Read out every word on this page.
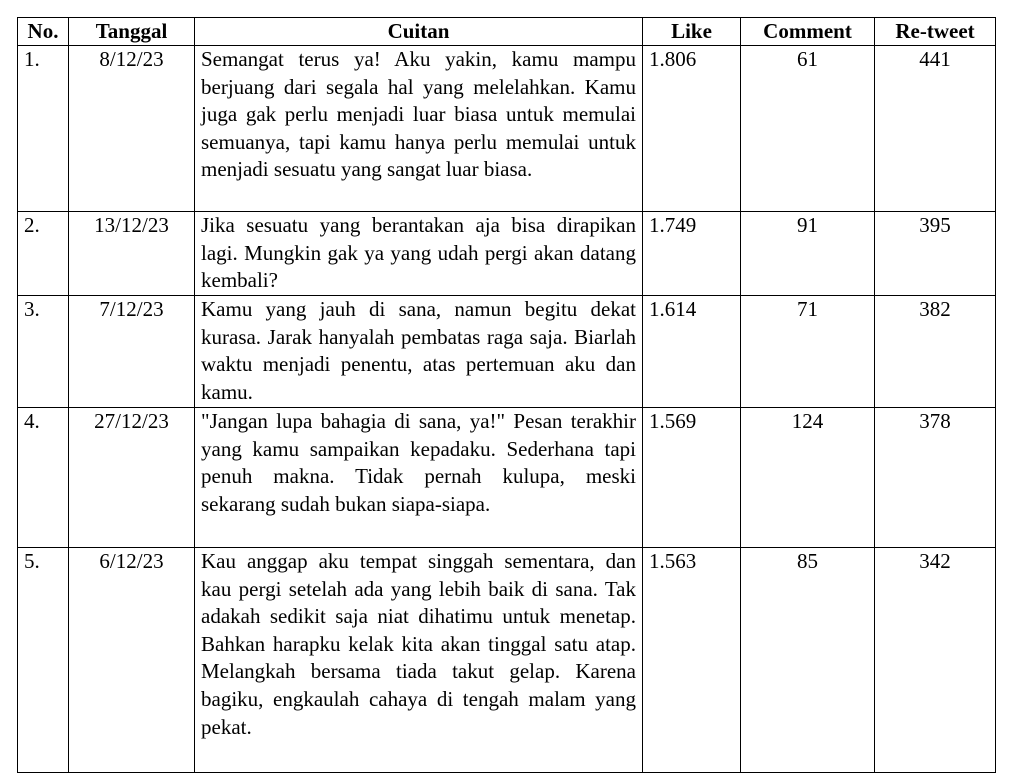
No.	Tanggal	Cuitan	Like	Comment	Re-tweet
1.	8/12/23	Semangat terus ya! Aku yakin, kamu mampu berjuang dari segala hal yang melelahkan. Kamu juga gak perlu menjadi luar biasa untuk memulai semuanya, tapi kamu hanya perlu memulai untuk menjadi sesuatu yang sangat luar biasa.	1.806	61	441
2.	13/12/23	Jika sesuatu yang berantakan aja bisa dirapikan lagi. Mungkin gak ya yang udah pergi akan datang kembali?	1.749	91	395
3.	7/12/23	Kamu yang jauh di sana, namun begitu dekat kurasa. Jarak hanyalah pembatas raga saja. Biarlah waktu menjadi penentu, atas pertemuan aku dan kamu.	1.614	71	382
4.	27/12/23	"Jangan lupa bahagia di sana, ya!" Pesan terakhir yang kamu sampaikan kepadaku. Sederhana tapi penuh makna. Tidak pernah kulupa, meski sekarang sudah bukan siapa-siapa.	1.569	124	378
5.	6/12/23	Kau anggap aku tempat singgah sementara, dan kau pergi setelah ada yang lebih baik di sana. Tak adakah sedikit saja niat dihatimu untuk menetap. Bahkan harapku kelak kita akan tinggal satu atap. Melangkah bersama tiada takut gelap. Karena bagiku, engkaulah cahaya di tengah malam yang pekat.	1.563	85	342
